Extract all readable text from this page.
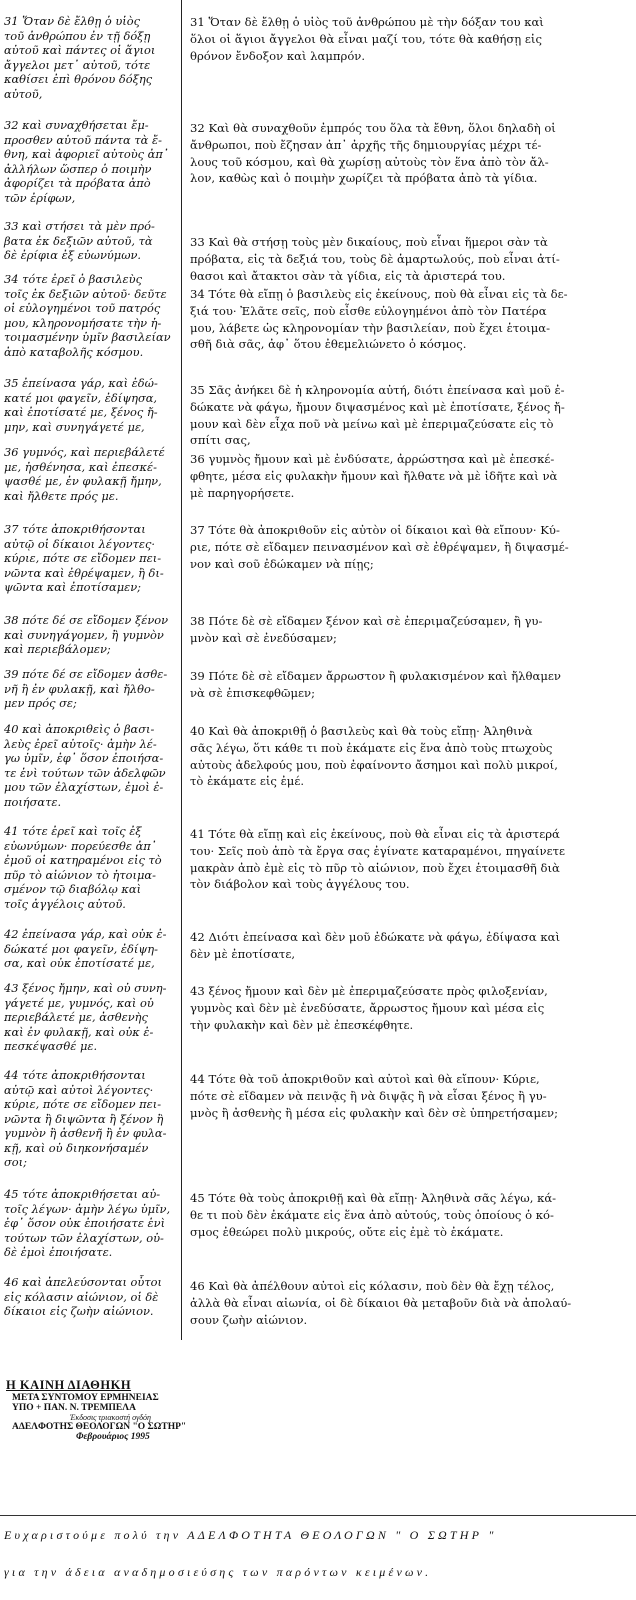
31 Ὅταν δὲ ἔλθῃ ὁ υἱὸς
τοῦ ἀνθρώπου ἐν τῇ δόξῃ
αὐτοῦ καὶ πάντες οἱ ἅγιοι
ἄγγελοι μετ᾽ αὐτοῦ, τότε
καθίσει ἐπὶ θρόνου δόξης
αὐτοῦ,

32 καὶ συναχθήσεται ἔμ-
προσθεν αὐτοῦ πάντα τὰ ἔ-
θνη, καὶ ἀφοριεῖ αὐτοὺς ἀπ᾽
ἀλλήλων ὥσπερ ὁ ποιμὴν
ἀφορίζει τὰ πρόβατα ἀπὸ
τῶν ἐρίφων,

33 καὶ στήσει τὰ μὲν πρό-
βατα ἐκ δεξιῶν αὐτοῦ, τὰ
δὲ ἐρίφια ἐξ εὐωνύμων.

34 τότε ἐρεῖ ὁ βασιλεὺς
τοῖς ἐκ δεξιῶν αὐτοῦ· δεῦτε
οἱ εὐλογημένοι τοῦ πατρός
μου, κληρονομήσατε τὴν ἡ-
τοιμασμένην ὑμῖν βασιλείαν
ἀπὸ καταβολῆς κόσμου.

35 ἐπείνασα γάρ, καὶ ἐδώ-
κατέ μοι φαγεῖν, ἐδίψησα,
καὶ ἐποτίσατέ με, ξένος ἤ-
μην, καὶ συνηγάγετέ με,

36 γυμνός, καὶ περιεβάλετέ
με, ἠσθένησα, καὶ ἐπεσκέ-
ψασθέ με, ἐν φυλακῇ ἤμην,
καὶ ἤλθετε πρός με.

37 τότε ἀποκριθήσονται
αὐτῷ οἱ δίκαιοι λέγοντες·
κύριε, πότε σε εἴδομεν πει-
νῶντα καὶ ἐθρέψαμεν, ἢ δι-
ψῶντα καὶ ἐποτίσαμεν;

38 πότε δέ σε εἴδομεν ξένον
καὶ συνηγάγομεν, ἢ γυμνὸν
καὶ περιεβάλομεν;

39 πότε δέ σε εἴδομεν ἀσθε-
νῆ ἢ ἐν φυλακῇ, καὶ ἤλθο-
μεν πρός σε;

40 καὶ ἀποκριθεὶς ὁ βασι-
λεὺς ἐρεῖ αὐτοῖς· ἀμὴν λέ-
γω ὑμῖν, ἐφ᾽ ὅσον ἐποιήσα-
τε ἑνὶ τούτων τῶν ἀδελφῶν
μου τῶν ἐλαχίστων, ἐμοὶ ἐ-
ποιήσατε.

41 τότε ἐρεῖ καὶ τοῖς ἐξ
εὐωνύμων· πορεύεσθε ἀπ᾽
ἐμοῦ οἱ κατηραμένοι εἰς τὸ
πῦρ τὸ αἰώνιον τὸ ἡτοιμα-
σμένον τῷ διαβόλῳ καὶ
τοῖς ἀγγέλοις αὐτοῦ.

42 ἐπείνασα γάρ, καὶ οὐκ ἐ-
δώκατέ μοι φαγεῖν, ἐδίψη-
σα, καὶ οὐκ ἐποτίσατέ με,

43 ξένος ἤμην, καὶ οὐ συνη-
γάγετέ με, γυμνός, καὶ οὐ
περιεβάλετέ με, ἀσθενὴς
καὶ ἐν φυλακῇ, καὶ οὐκ ἐ-
πεσκέψασθέ με.

44 τότε ἀποκριθήσονται
αὐτῷ καὶ αὐτοὶ λέγοντες·
κύριε, πότε σε εἴδομεν πει-
νῶντα ἢ διψῶντα ἢ ξένον ἢ
γυμνὸν ἢ ἀσθενῆ ἢ ἐν φυλα-
κῇ, καὶ οὐ διηκονήσαμέν
σοι;

45 τότε ἀποκριθήσεται αὐ-
τοῖς λέγων· ἀμὴν λέγω ὑμῖν,
ἐφ᾽ ὅσον οὐκ ἐποιήσατε ἑνὶ
τούτων τῶν ἐλαχίστων, οὐ-
δὲ ἐμοὶ ἐποιήσατε.

46 καὶ ἀπελεύσονται οὗτοι
εἰς κόλασιν αἰώνιον, οἱ δὲ
δίκαιοι εἰς ζωὴν αἰώνιον.

31 Ὅταν δὲ ἔλθῃ ὁ υἱὸς τοῦ ἀνθρώπου μὲ τὴν δόξαν του καὶ
ὅλοι οἱ ἅγιοι ἄγγελοι θὰ εἶναι μαζί του, τότε θὰ καθήσῃ εἰς
θρόνον ἔνδοξον καὶ λαμπρόν.

32 Καὶ θὰ συναχθοῦν ἐμπρός του ὅλα τὰ ἔθνη, ὅλοι δηλαδὴ οἱ
ἄνθρωποι, ποὺ ἔζησαν ἀπ᾽ ἀρχῆς τῆς δημιουργίας μέχρι τέ-
λους τοῦ κόσμου, καὶ θὰ χωρίσῃ αὐτοὺς τὸν ἕνα ἀπὸ τὸν ἄλ-
λον, καθὼς καὶ ὁ ποιμὴν χωρίζει τὰ πρόβατα ἀπὸ τὰ γίδια.

33 Καὶ θὰ στήσῃ τοὺς μὲν δικαίους, ποὺ εἶναι ἥμεροι σὰν τὰ
πρόβατα, εἰς τὰ δεξιά του, τοὺς δὲ ἁμαρτωλούς, ποὺ εἶναι ἀτί-
θασοι καὶ ἄτακτοι σὰν τὰ γίδια, εἰς τὰ ἀριστερά του.

34 Τότε θὰ εἴπῃ ὁ βασιλεὺς εἰς ἐκείνους, ποὺ θὰ εἶναι εἰς τὰ δε-
ξιά του· Ἐλᾶτε σεῖς, ποὺ εἶσθε εὐλογημένοι ἀπὸ τὸν Πατέρα
μου, λάβετε ὡς κληρονομίαν τὴν βασιλείαν, ποὺ ἔχει ἑτοιμα-
σθῆ διὰ σᾶς, ἀφ᾽ ὅτου ἐθεμελιώνετο ὁ κόσμος.

35 Σᾶς ἀνήκει δὲ ἡ κληρονομία αὐτή, διότι ἐπείνασα καὶ μοῦ ἐ-
δώκατε νὰ φάγω, ἤμουν διψασμένος καὶ μὲ ἐποτίσατε, ξένος ἤ-
μουν καὶ δὲν εἶχα ποῦ νὰ μείνω καὶ μὲ ἐπεριμαζεύσατε εἰς τὸ
σπίτι σας,

36 γυμνὸς ἤμουν καὶ μὲ ἐνδύσατε, ἀρρώστησα καὶ μὲ ἐπεσκέ-
φθητε, μέσα εἰς φυλακὴν ἤμουν καὶ ἤλθατε νὰ μὲ ἰδῆτε καὶ νὰ
μὲ παρηγορήσετε.

37 Τότε θὰ ἀποκριθοῦν εἰς αὐτὸν οἱ δίκαιοι καὶ θὰ εἴπουν· Κύ-
ριε, πότε σὲ εἴδαμεν πεινασμένον καὶ σὲ ἐθρέψαμεν, ἢ διψασμέ-
νον καὶ σοῦ ἐδώκαμεν νὰ πίῃς;

38 Πότε δὲ σὲ εἴδαμεν ξένον καὶ σὲ ἐπεριμαζεύσαμεν, ἢ γυ-
μνὸν καὶ σὲ ἐνεδύσαμεν;

39 Πότε δὲ σὲ εἴδαμεν ἄρρωστον ἢ φυλακισμένον καὶ ἤλθαμεν
νὰ σὲ ἐπισκεφθῶμεν;

40 Καὶ θὰ ἀποκριθῇ ὁ βασιλεὺς καὶ θὰ τοὺς εἴπῃ· Ἀληθινὰ
σᾶς λέγω, ὅτι κάθε τι ποὺ ἐκάματε εἰς ἕνα ἀπὸ τοὺς πτωχοὺς
αὐτοὺς ἀδελφούς μου, ποὺ ἐφαίνοντο ἄσημοι καὶ πολὺ μικροί,
τὸ ἐκάματε εἰς ἐμέ.

41 Τότε θὰ εἴπῃ καὶ εἰς ἐκείνους, ποὺ θὰ εἶναι εἰς τὰ ἀριστερά
του· Σεῖς ποὺ ἀπὸ τὰ ἔργα σας ἐγίνατε καταραμένοι, πηγαίνετε
μακρὰν ἀπὸ ἐμὲ εἰς τὸ πῦρ τὸ αἰώνιον, ποὺ ἔχει ἑτοιμασθῆ διὰ
τὸν διάβολον καὶ τοὺς ἀγγέλους του.

42 Διότι ἐπείνασα καὶ δὲν μοῦ ἐδώκατε νὰ φάγω, ἐδίψασα καὶ
δὲν μὲ ἐποτίσατε,

43 ξένος ἤμουν καὶ δὲν μὲ ἐπεριμαζεύσατε πρὸς φιλοξενίαν,
γυμνὸς καὶ δὲν μὲ ἐνεδύσατε, ἄρρωστος ἤμουν καὶ μέσα εἰς
τὴν φυλακὴν καὶ δὲν μὲ ἐπεσκέφθητε.

44 Τότε θὰ τοῦ ἀποκριθοῦν καὶ αὐτοὶ καὶ θὰ εἴπουν· Κύριε,
πότε σὲ εἴδαμεν νὰ πεινᾷς ἢ νὰ διψᾷς ἢ νὰ εἶσαι ξένος ἢ γυ-
μνὸς ἢ ἀσθενὴς ἢ μέσα εἰς φυλακὴν καὶ δὲν σὲ ὑπηρετήσαμεν;

45 Τότε θὰ τοὺς ἀποκριθῇ καὶ θὰ εἴπῃ· Ἀληθινὰ σᾶς λέγω, κά-
θε τι ποὺ δὲν ἐκάματε εἰς ἕνα ἀπὸ αὐτούς, τοὺς ὁποίους ὁ κό-
σμος ἐθεώρει πολὺ μικρούς, οὔτε εἰς ἐμὲ τὸ ἐκάματε.

46 Καὶ θὰ ἀπέλθουν αὐτοὶ εἰς κόλασιν, ποὺ δὲν θὰ ἔχῃ τέλος,
ἀλλὰ θὰ εἶναι αἰωνία, οἱ δὲ δίκαιοι θὰ μεταβοῦν διὰ νὰ ἀπολαύ-
σουν ζωὴν αἰώνιον.

Η ΚΑΙΝΗ ΔΙΑΘΗΚΗ
ΜΕΤΑ ΣΥΝΤΟΜΟΥ ΕΡΜΗΝΕΙΑΣ
ΥΠΟ + ΠΑΝ. Ν. ΤΡΕΜΠΕΛΑ
Έκδοσις τριακοστή ογδόη
ΑΔΕΛΦΟΤΗΣ ΘΕΟΛΟΓΩΝ "Ο ΣΩΤΗΡ"
Φεβρουάριος 1995
Ευχαριστούμε πολύ την ΑΔΕΛΦΟΤΗΤΑ ΘΕΟΛΟΓΩΝ " Ο ΣΩΤΗΡ "
για την άδεια αναδημοσιεύσης των παρόντων κειμένων.
